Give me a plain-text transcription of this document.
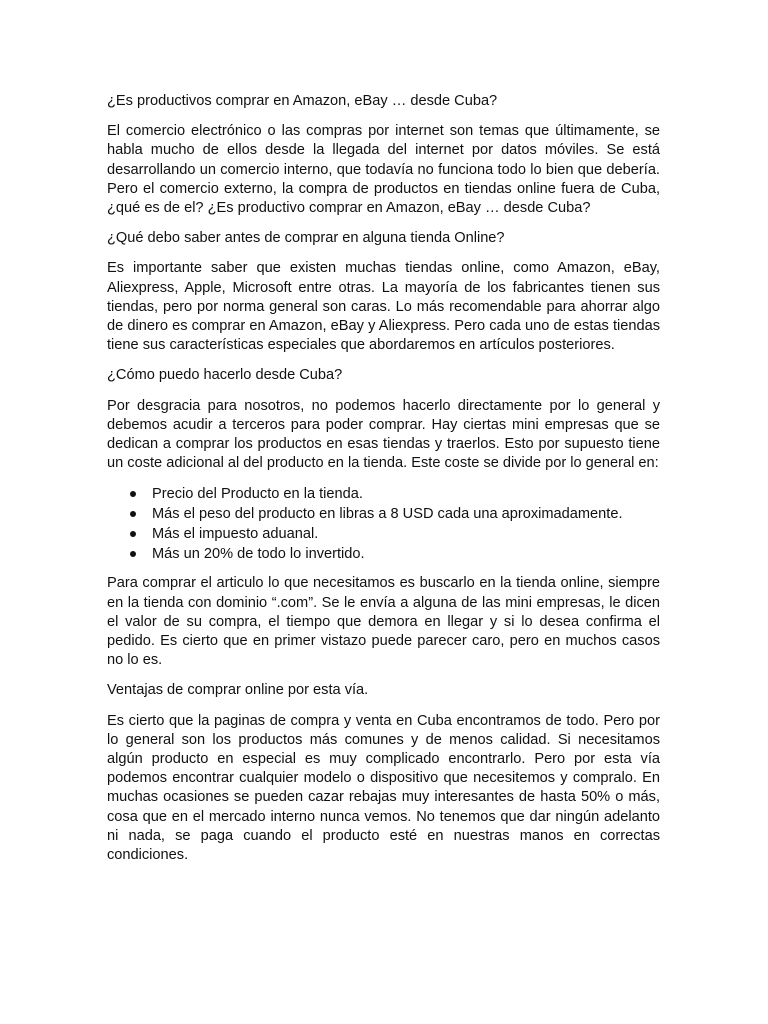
¿Es productivos comprar en Amazon, eBay … desde Cuba?

El comercio electrónico o las compras por internet son temas que últimamente, se habla mucho de ellos desde la llegada del internet por datos móviles. Se está desarrollando un comercio interno, que todavía no funciona todo lo bien que debería. Pero el comercio externo, la compra de productos en tiendas online fuera de Cuba, ¿qué es de el? ¿Es productivo comprar en Amazon, eBay … desde Cuba?

¿Qué debo saber antes de comprar en alguna tienda Online?

Es importante saber que existen muchas tiendas online, como Amazon, eBay, Aliexpress, Apple, Microsoft entre otras. La mayoría de los fabricantes tienen sus tiendas, pero por norma general son caras. Lo más recomendable para ahorrar algo de dinero es comprar en Amazon, eBay y Aliexpress. Pero cada uno de estas tiendas tiene sus características especiales que abordaremos en artículos posteriores.

¿Cómo puedo hacerlo desde Cuba?

Por desgracia para nosotros, no podemos hacerlo directamente por lo general y debemos acudir a terceros para poder comprar. Hay ciertas mini empresas que se dedican a comprar los productos en esas tiendas y traerlos. Esto por supuesto tiene un coste adicional al del producto en la tienda. Este coste se divide por lo general en:

Precio del Producto en la tienda.
Más el peso del producto en libras a 8 USD cada una aproximadamente.
Más el impuesto aduanal.
Más un 20% de todo lo invertido.

Para comprar el articulo lo que necesitamos es buscarlo en la tienda online, siempre en la tienda con dominio “.com”. Se le envía a alguna de las mini empresas, le dicen el valor de su compra, el tiempo que demora en llegar y si lo desea confirma el pedido. Es cierto que en primer vistazo puede parecer caro, pero en muchos casos no lo es.

Ventajas de comprar online por esta vía.

Es cierto que la paginas de compra y venta en Cuba encontramos de todo. Pero por lo general son los productos más comunes y de menos calidad. Si necesitamos algún producto en especial es muy complicado encontrarlo. Pero por esta vía podemos encontrar cualquier modelo o dispositivo que necesitemos y compralo. En muchas ocasiones se pueden cazar rebajas muy interesantes de hasta 50% o más, cosa que en el mercado interno nunca vemos. No tenemos que dar ningún adelanto ni nada, se paga cuando el producto esté en nuestras manos en correctas condiciones.
